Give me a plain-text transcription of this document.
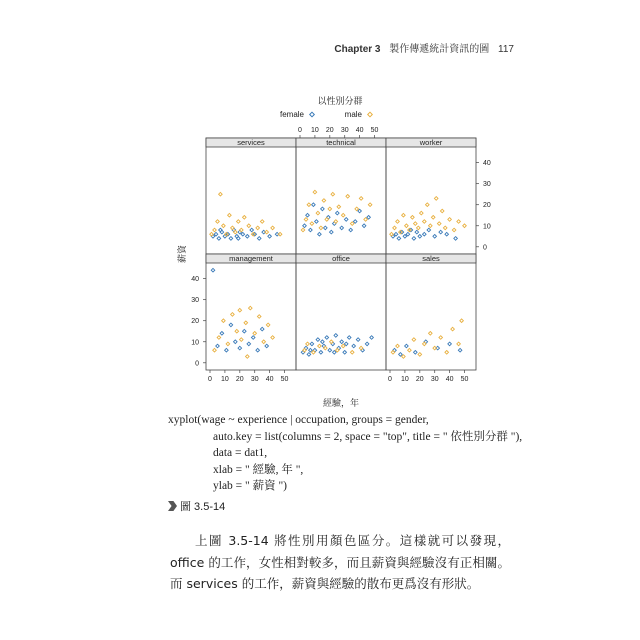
Chapter 3 製作傳遞統計資訊的圖 117
以性別分群
female	male
services	technical	worker
management	office	sales
0 10 20 30 40 50
0 10 20 30 40 50	0 10 20 30 40 50
0
10
20
30
40
0
10
20
30
40
經驗，年
薪資
xyplot(wage ~ experience | occupation, groups = gender,
auto.key = list(columns = 2, space = "top", title = " 依性別分群 "),
data = dat1,
xlab = " 經驗, 年 ",
ylab = " 薪資 ")
圖 3.5-14
上圖 3.5-14 將性別用顏色區分。這樣就可以發現，office 的工作，女性相對較多，而且薪資與經驗沒有正相關。而 services 的工作，薪資與經驗的散布更爲沒有形狀。
